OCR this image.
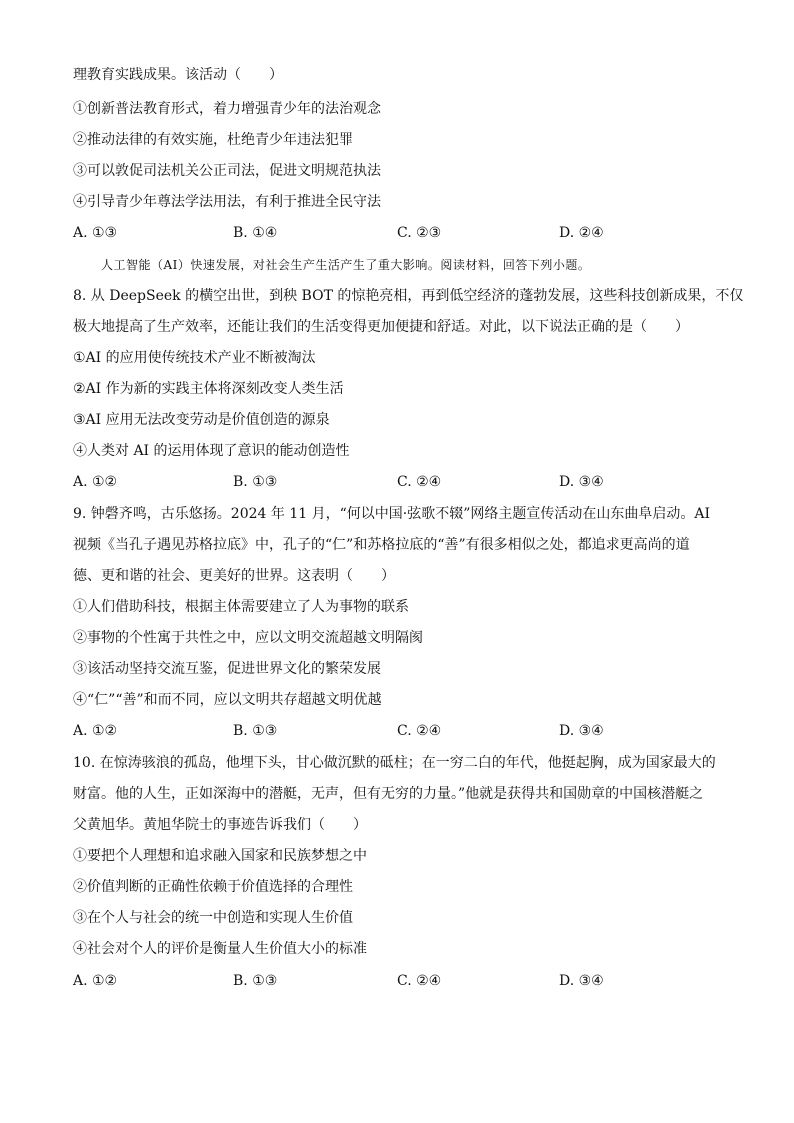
理教育实践成果。该活动（　　）
①创新普法教育形式，着力增强青少年的法治观念
②推动法律的有效实施，杜绝青少年违法犯罪
③可以敦促司法机关公正司法，促进文明规范执法
④引导青少年尊法学法用法，有利于推进全民守法
A. ①③	B. ①④	C. ②③	D. ②④
人工智能（AI）快速发展，对社会生产生活产生了重大影响。阅读材料，回答下列小题。
8. 从 DeepSeek 的横空出世，到秧 BOT 的惊艳亮相，再到低空经济的蓬勃发展，这些科技创新成果，不仅
极大地提高了生产效率，还能让我们的生活变得更加便捷和舒适。对此，以下说法正确的是（　　）
①AI 的应用使传统技术产业不断被淘汰
②AI 作为新的实践主体将深刻改变人类生活
③AI 应用无法改变劳动是价值创造的源泉
④人类对 AI 的运用体现了意识的能动创造性
A. ①②	B. ①③	C. ②④	D. ③④
9. 钟磬齐鸣，古乐悠扬。2024 年 11 月，“何以中国·弦歌不辍”网络主题宣传活动在山东曲阜启动。AI
视频《当孔子遇见苏格拉底》中，孔子的“仁”和苏格拉底的“善”有很多相似之处，都追求更高尚的道
德、更和谐的社会、更美好的世界。这表明（　　）
①人们借助科技，根据主体需要建立了人为事物的联系
②事物的个性寓于共性之中，应以文明交流超越文明隔阂
③该活动坚持交流互鉴，促进世界文化的繁荣发展
④“仁”“善”和而不同，应以文明共存超越文明优越
A. ①②	B. ①③	C. ②④	D. ③④
10. 在惊涛骇浪的孤岛，他埋下头，甘心做沉默的砥柱；在一穷二白的年代，他挺起胸，成为国家最大的
财富。他的人生，正如深海中的潜艇，无声，但有无穷的力量。”他就是获得共和国勋章的中国核潜艇之
父黄旭华。黄旭华院士的事迹告诉我们（　　）
①要把个人理想和追求融入国家和民族梦想之中
②价值判断的正确性依赖于价值选择的合理性
③在个人与社会的统一中创造和实现人生价值
④社会对个人的评价是衡量人生价值大小的标准
A. ①②	B. ①③	C. ②④	D. ③④
